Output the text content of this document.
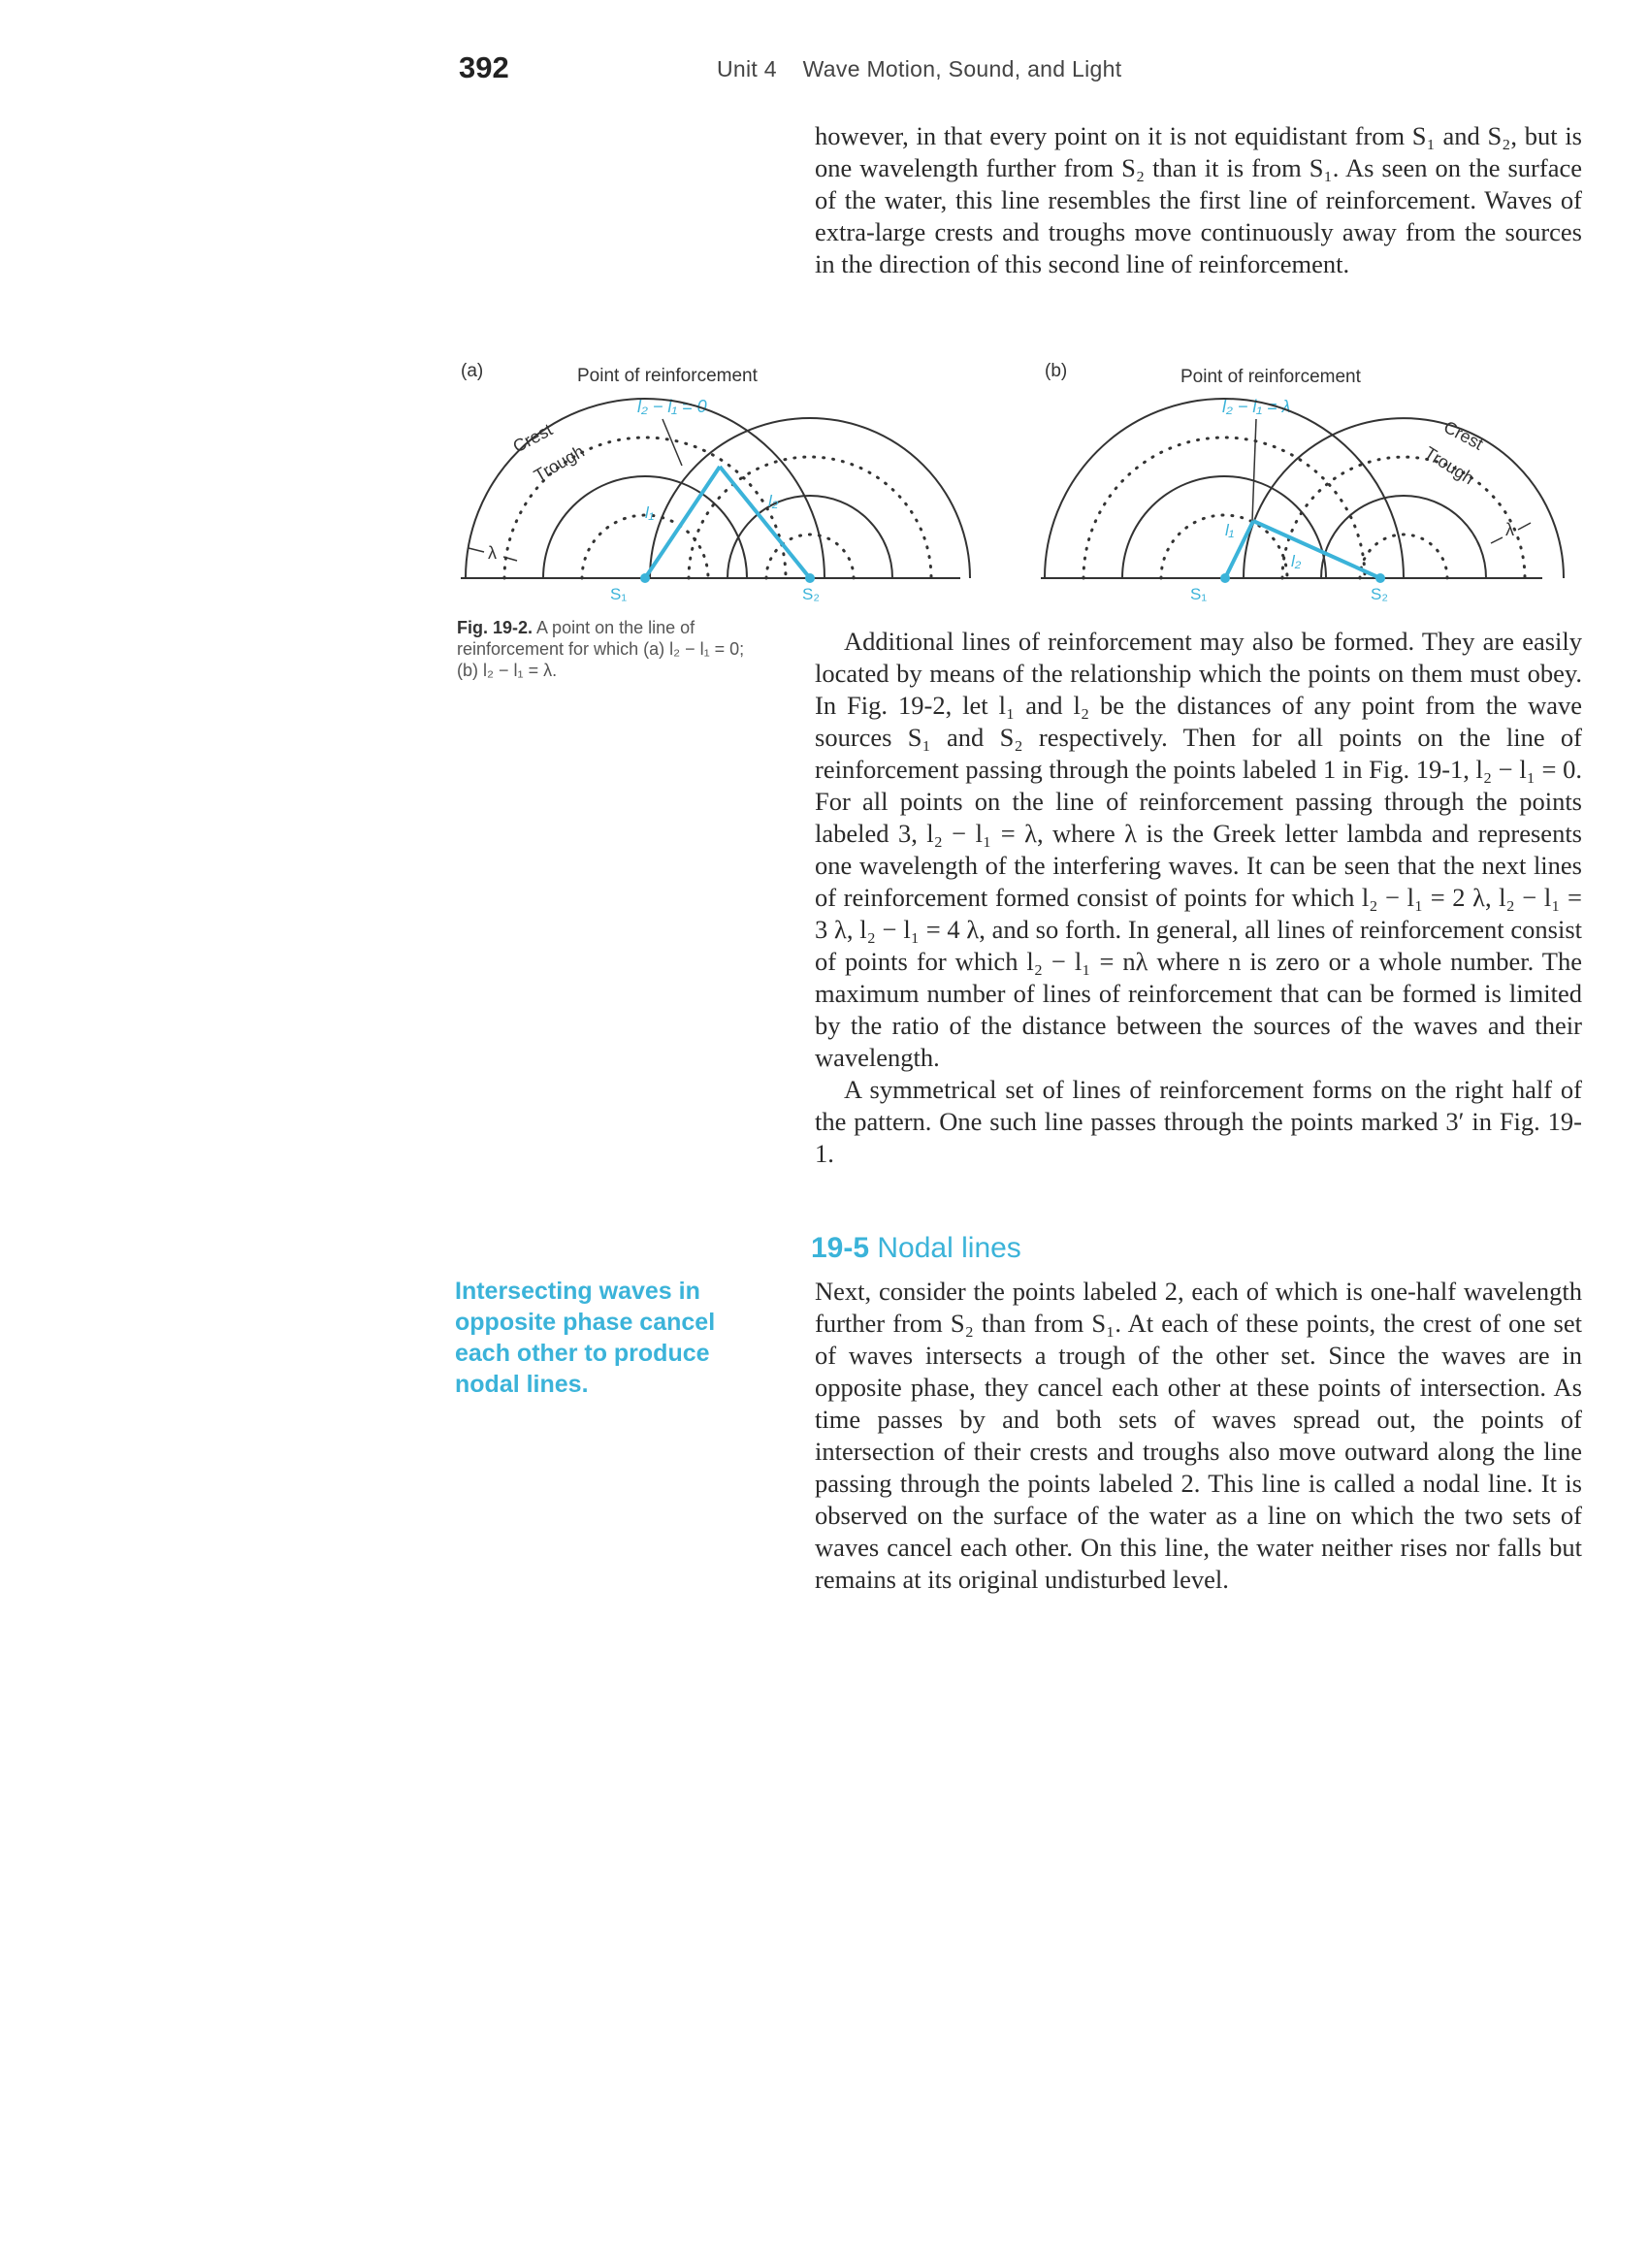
392	Unit 4    Wave Motion, Sound, and Light

however, in that every point on it is not equidistant from S₁ and S₂, but is one wavelength further from S₂ than it is from S₁. As seen on the surface of the water, this line resembles the first line of reinforcement. Waves of extra-large crests and troughs move continuously away from the sources in the direction of this second line of reinforcement.

(a)	Point of reinforcement
l₂ − l₁ = 0
l₁
l₂
Crest
Trough
λ
S₁	S₂
(b)	Point of reinforcement
l₂ − l₁ = λ
l₁
l₂
Crest
Trough
λ
S₁	S₂
Fig. 19-2. A point on the line of reinforcement for which (a) l₂ − l₁ = 0; (b) l₂ − l₁ = λ.

Additional lines of reinforcement may also be formed. They are easily located by means of the relationship which the points on them must obey. In Fig. 19-2, let l₁ and l₂ be the distances of any point from the wave sources S₁ and S₂ respectively. Then for all points on the line of reinforcement passing through the points labeled 1 in Fig. 19-1, l₂ − l₁ = 0. For all points on the line of reinforcement passing through the points labeled 3, l₂ − l₁ = λ, where λ is the Greek letter lambda and represents one wavelength of the interfering waves. It can be seen that the next lines of reinforcement formed consist of points for which l₂ − l₁ = 2 λ, l₂ − l₁ = 3 λ, l₂ − l₁ = 4 λ, and so forth. In general, all lines of reinforcement consist of points for which l₂ − l₁ = nλ where n is zero or a whole number. The maximum number of lines of reinforcement that can be formed is limited by the ratio of the distance between the sources of the waves and their wavelength.

A symmetrical set of lines of reinforcement forms on the right half of the pattern. One such line passes through the points marked 3′ in Fig. 19-1.

19-5 Nodal lines
Intersecting waves in opposite phase cancel each other to produce nodal lines.

Next, consider the points labeled 2, each of which is one-half wavelength further from S₂ than from S₁. At each of these points, the crest of one set of waves intersects a trough of the other set. Since the waves are in opposite phase, they cancel each other at these points of intersection. As time passes by and both sets of waves spread out, the points of intersection of their crests and troughs also move outward along the line passing through the points labeled 2. This line is called a nodal line. It is observed on the surface of the water as a line on which the two sets of waves cancel each other. On this line, the water neither rises nor falls but remains at its original undisturbed level.
